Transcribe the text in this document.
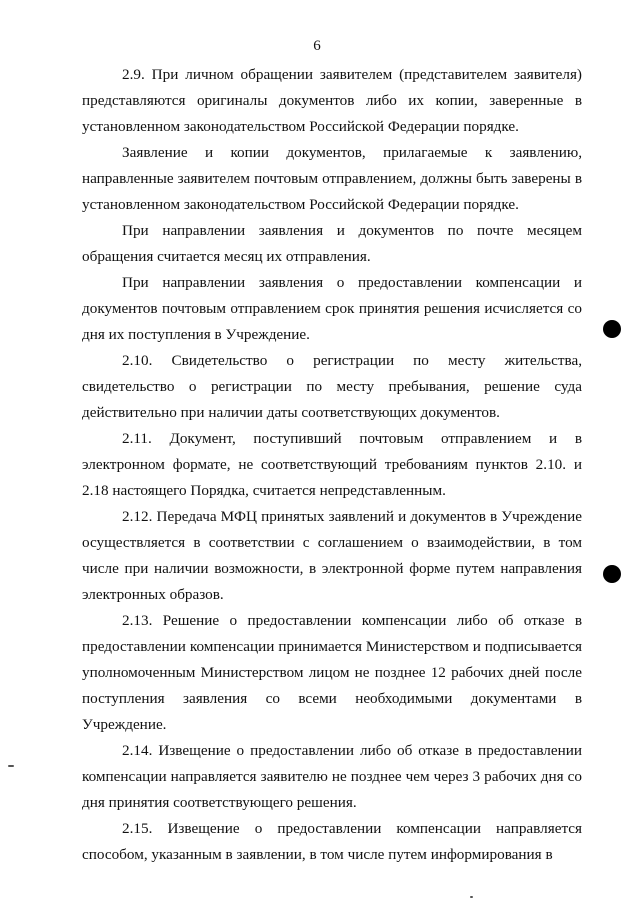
6

2.9. При личном обращении заявителем (представителем заявителя) представляются оригиналы документов либо их копии, заверенные в установленном законодательством Российской Федерации порядке.

Заявление и копии документов, прилагаемые к заявлению, направленные заявителем почтовым отправлением, должны быть заверены в установленном законодательством Российской Федерации порядке.

При направлении заявления и документов по почте месяцем обращения считается месяц их отправления.

При направлении заявления о предоставлении компенсации и документов почтовым отправлением срок принятия решения исчисляется со дня их поступления в Учреждение.

2.10. Свидетельство о регистрации по месту жительства, свидетельство о регистрации по месту пребывания, решение суда действительно при наличии даты соответствующих документов.

2.11. Документ, поступивший почтовым отправлением и в электронном формате, не соответствующий требованиям пунктов 2.10. и 2.18 настоящего Порядка, считается непредставленным.

2.12. Передача МФЦ принятых заявлений и документов в Учреждение осуществляется в соответствии с соглашением о взаимодействии, в том числе при наличии возможности, в электронной форме путем направления электронных образов.

2.13. Решение о предоставлении компенсации либо об отказе в предоставлении компенсации принимается Министерством и подписывается уполномоченным Министерством лицом не позднее 12 рабочих дней после поступления заявления со всеми необходимыми документами в Учреждение.

2.14. Извещение о предоставлении либо об отказе в предоставлении компенсации направляется заявителю не позднее чем через 3 рабочих дня со дня принятия соответствующего решения.

2.15. Извещение о предоставлении компенсации направляется способом, указанным в заявлении, в том числе путем информирования в
